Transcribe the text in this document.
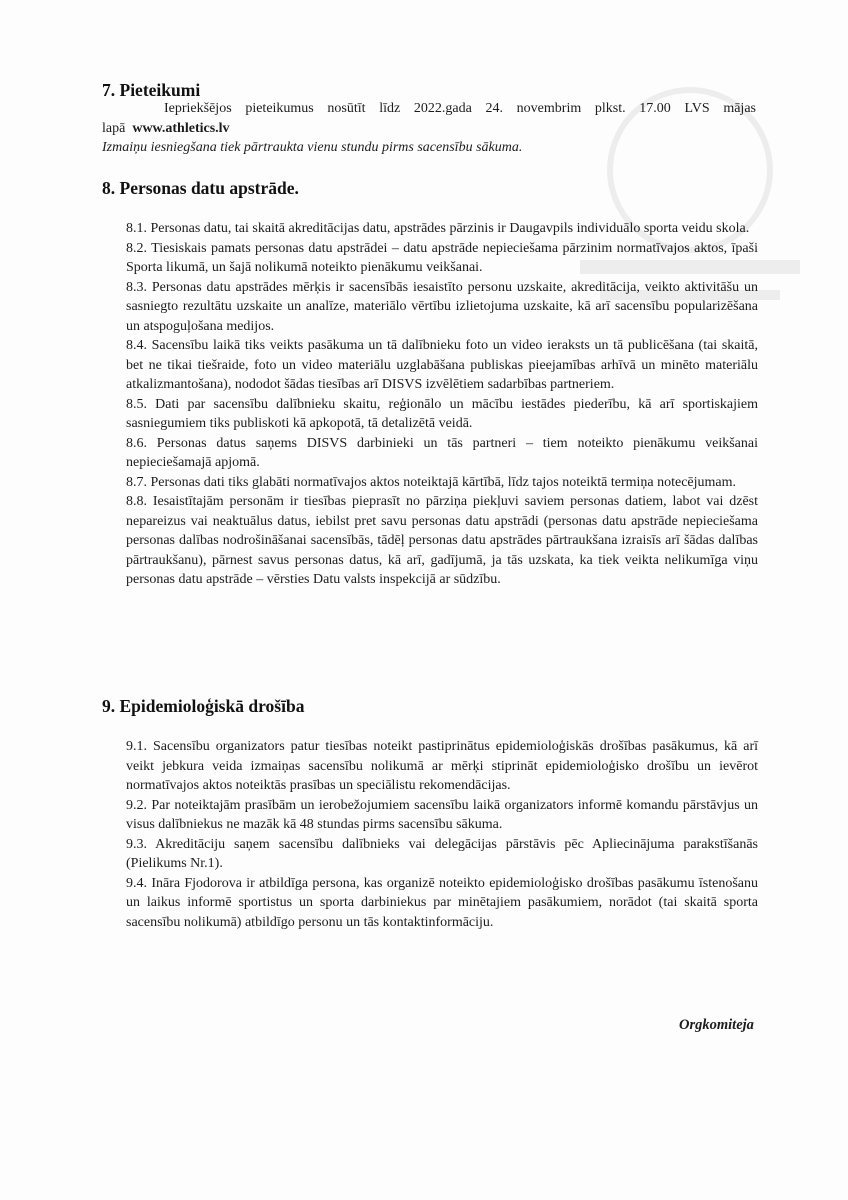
7. Pieteikumi
Iepriekšējos pieteikumus nosūtīt līdz 2022.gada 24. novembrim plkst. 17.00 LVS mājas
lapā www.athletics.lv
Izmaiņu iesniegšana tiek pārtraukta vienu stundu pirms sacensību sākuma.
8. Personas datu apstrāde.

8.1. Personas datu, tai skaitā akreditācijas datu, apstrādes pārzinis ir Daugavpils individuālo sporta veidu skola.

8.2. Tiesiskais pamats personas datu apstrādei – datu apstrāde nepieciešama pārzinim normatīvajos aktos, īpaši Sporta likumā, un šajā nolikumā noteikto pienākumu veikšanai.

8.3. Personas datu apstrādes mērķis ir sacensībās iesaistīto personu uzskaite, akreditācija, veikto aktivitāšu un sasniegto rezultātu uzskaite un analīze, materiālo vērtību izlietojuma uzskaite, kā arī sacensību popularizēšana un atspoguļošana medijos.

8.4. Sacensību laikā tiks veikts pasākuma un tā dalībnieku foto un video ieraksts un tā publicēšana (tai skaitā, bet ne tikai tiešraide, foto un video materiālu uzglabāšana publiskas pieejamības arhīvā un minēto materiālu atkalizmantošana), nododot šādas tiesības arī DISVS izvēlētiem sadarbības partneriem.

8.5. Dati par sacensību dalībnieku skaitu, reģionālo un mācību iestādes piederību, kā arī sportiskajiem sasniegumiem tiks publiskoti kā apkopotā, tā detalizētā veidā.

8.6. Personas datus saņems DISVS darbinieki un tās partneri – tiem noteikto pienākumu veikšanai nepieciešamajā apjomā.

8.7. Personas dati tiks glabāti normatīvajos aktos noteiktajā kārtībā, līdz tajos noteiktā termiņa notecējumam.

8.8. Iesaistītajām personām ir tiesības pieprasīt no pārziņa piekļuvi saviem personas datiem, labot vai dzēst nepareizus vai neaktuālus datus, iebilst pret savu personas datu apstrādi (personas datu apstrāde nepieciešama personas dalības nodrošināšanai sacensībās, tādēļ personas datu apstrādes pārtraukšana izraisīs arī šādas dalības pārtraukšanu), pārnest savus personas datus, kā arī, gadījumā, ja tās uzskata, ka tiek veikta nelikumīga viņu personas datu apstrāde – vērsties Datu valsts inspekcijā ar sūdzību.

9. Epidemioloģiskā drošība

9.1. Sacensību organizators patur tiesības noteikt pastiprinātus epidemioloģiskās drošības pasākumus, kā arī veikt jebkura veida izmaiņas sacensību nolikumā ar mērķi stiprināt epidemioloģisko drošību un ievērot normatīvajos aktos noteiktās prasības un speciālistu rekomendācijas.

9.2. Par noteiktajām prasībām un ierobežojumiem sacensību laikā organizators informē komandu pārstāvjus un visus dalībniekus ne mazāk kā 48 stundas pirms sacensību sākuma.

9.3. Akreditāciju saņem sacensību dalībnieks vai delegācijas pārstāvis pēc Apliecinājuma parakstīšanās (Pielikums Nr.1).

9.4. Ināra Fjodorova ir atbildīga persona, kas organizē noteikto epidemioloģisko drošības pasākumu īstenošanu un laikus informē sportistus un sporta darbiniekus par minētajiem pasākumiem, norādot (tai skaitā sporta sacensību nolikumā) atbildīgo personu un tās kontaktinformāciju.

Orgkomiteja
